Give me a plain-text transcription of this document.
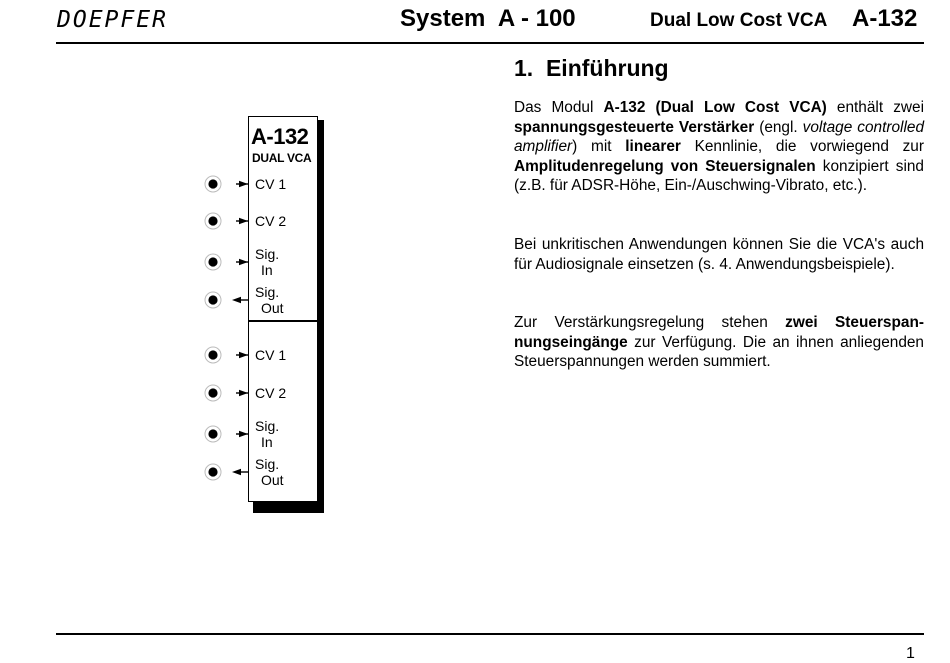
DOEPFER	System  A - 100	Dual Low Cost VCA A-132
A-132
DUAL VCA
CV 1
CV 2
Sig.
In
Sig.
Out
CV 1
CV 2
Sig.
In
Sig.
Out
1.  Einführung

Das Modul A-132 (Dual Low Cost VCA) enthält zwei spannungsgesteuerte Verstärker (engl. voltage controlled amplifier) mit linearer Kennlinie, die vorwiegend zur Amplitudenregelung von Steuersignalen konzipiert sind (z.B. für ADSR-Höhe, Ein-/Auschwing-Vibrato, etc.).

Bei unkritischen Anwendungen können Sie die VCA's auch für Audiosignale einsetzen (s. 4. Anwendungsbeispiele).

Zur Verstärkungsregelung stehen zwei Steuerspannungseingänge zur Verfügung. Die an ihnen anliegenden Steuerspannungen werden summiert.

1
